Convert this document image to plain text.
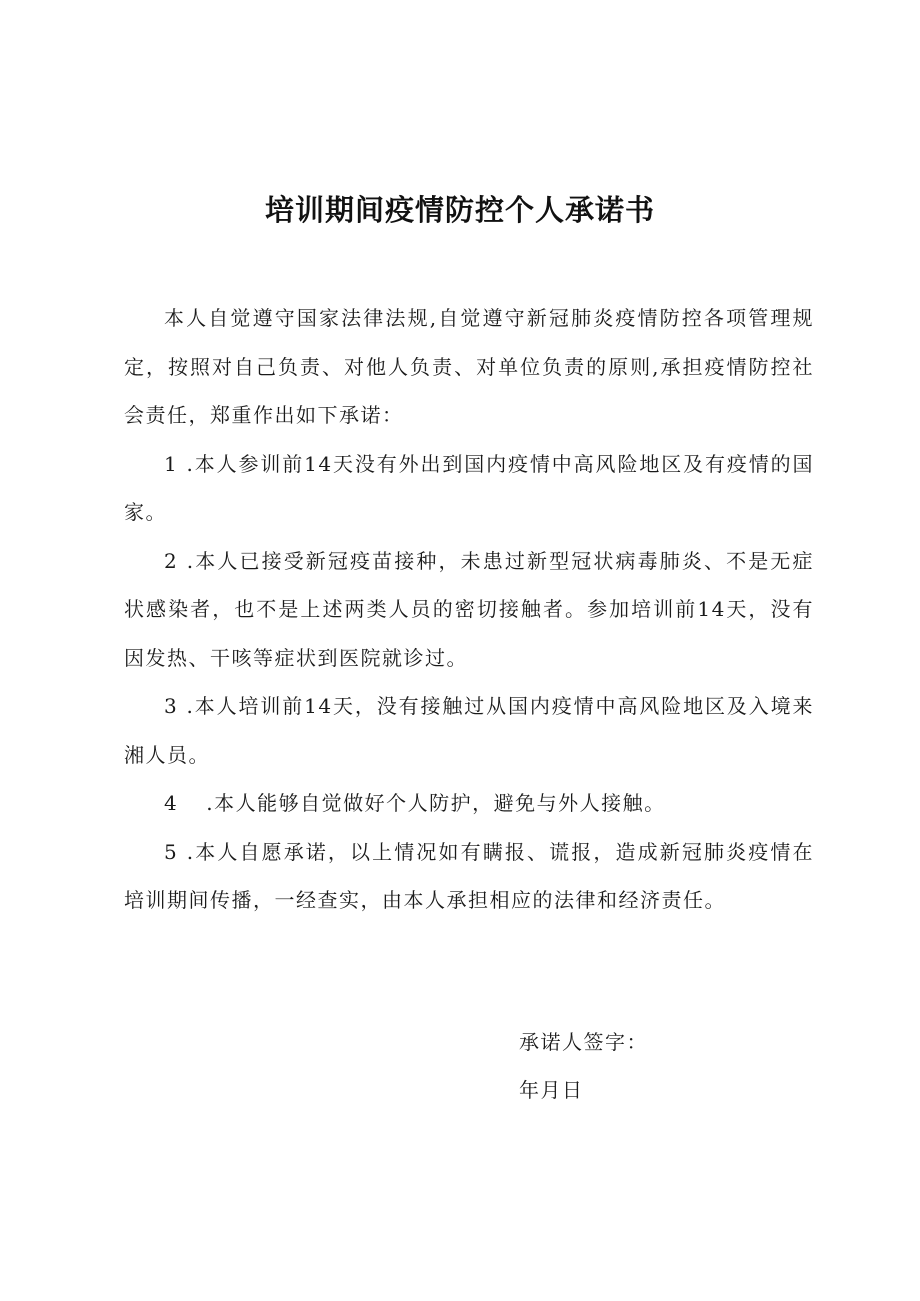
培训期间疫情防控个人承诺书

本人自觉遵守国家法律法规,自觉遵守新冠肺炎疫情防控各项管理规定，按照对自己负责、对他人负责、对单位负责的原则,承担疫情防控社会责任，郑重作出如下承诺：

1 .本人参训前14天没有外出到国内疫情中高风险地区及有疫情的国家。

2 .本人已接受新冠疫苗接种，未患过新型冠状病毒肺炎、不是无症状感染者，也不是上述两类人员的密切接触者。参加培训前14天，没有因发热、干咳等症状到医院就诊过。

3 .本人培训前14天，没有接触过从国内疫情中高风险地区及入境来湘人员。

4 .本人能够自觉做好个人防护，避免与外人接触。

5 .本人自愿承诺，以上情况如有瞒报、谎报，造成新冠肺炎疫情在培训期间传播，一经查实，由本人承担相应的法律和经济责任。

承诺人签字：
年月日
